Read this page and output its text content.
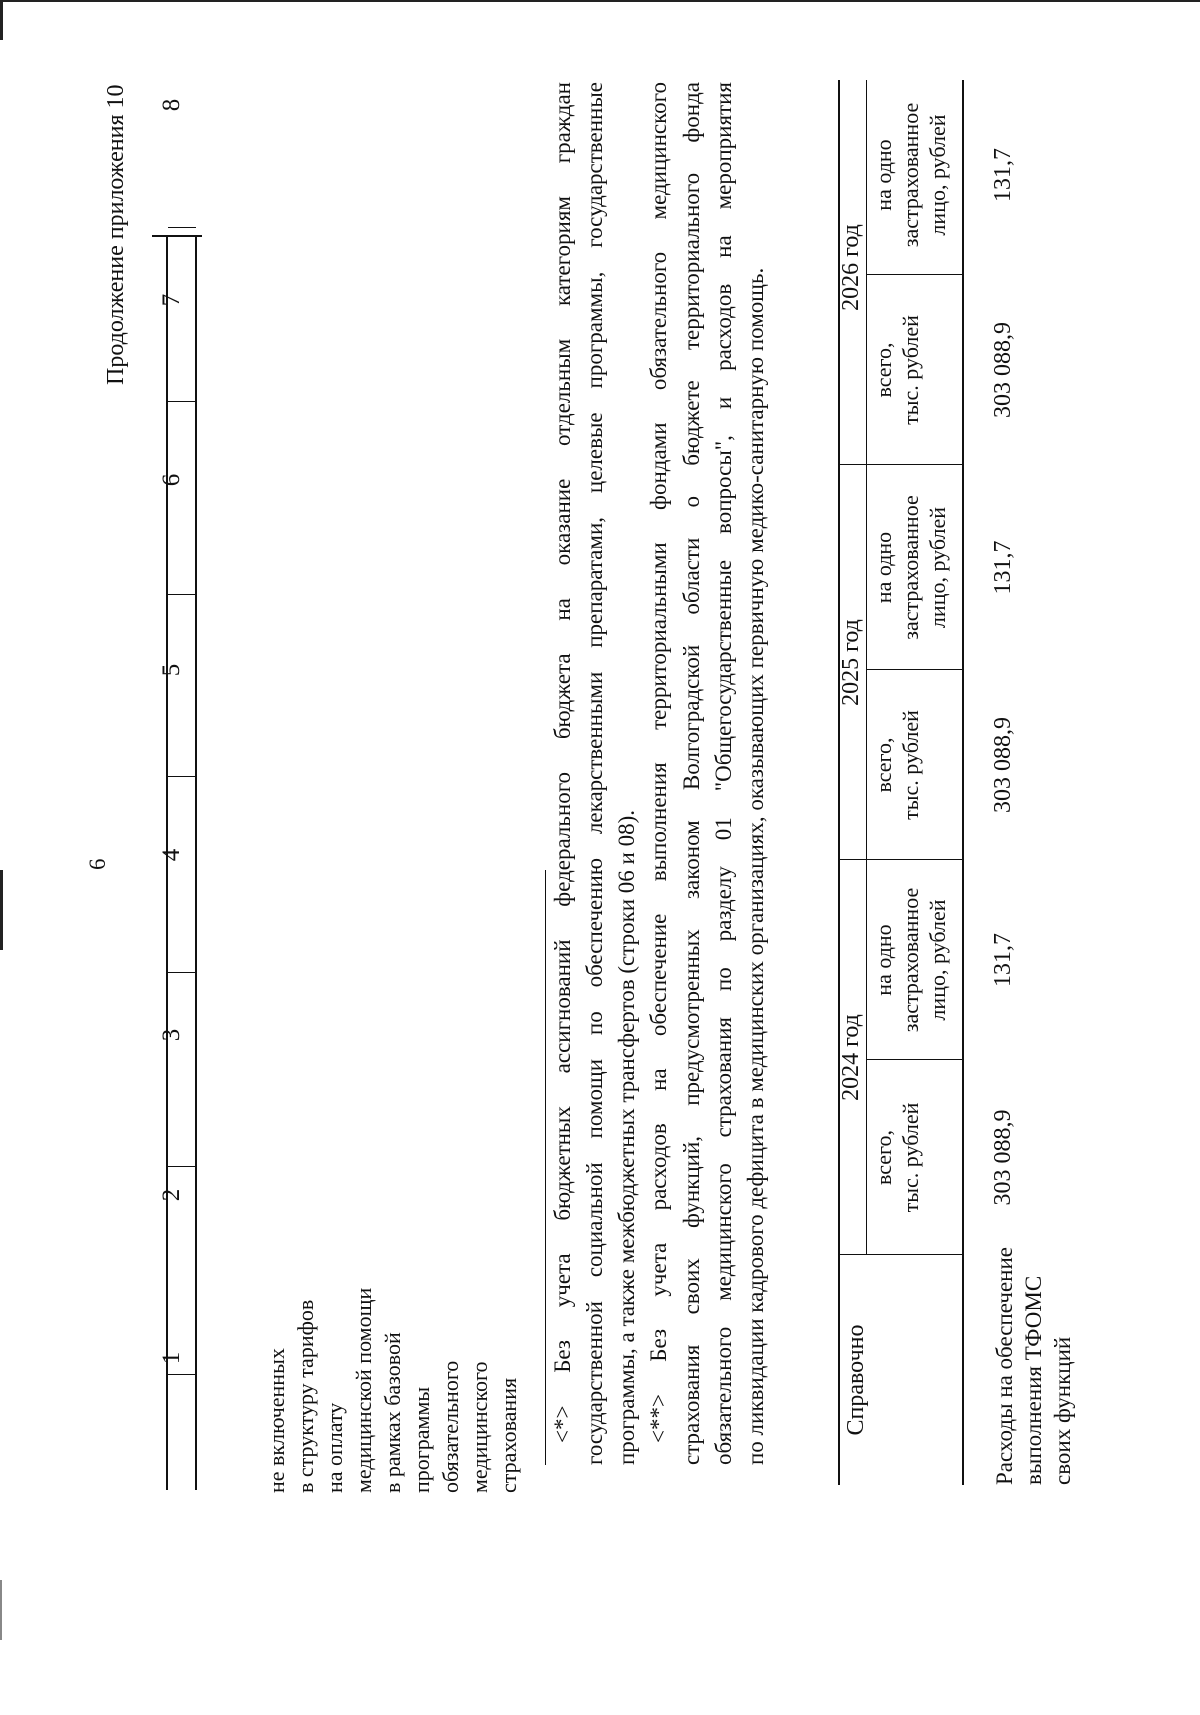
6
Продолжение приложения 10
1
2
3
4
5
6
7
8
не включенных в структуру тарифов на оплату медицинской помощи в рамках базовой программы обязательного медицинского страхования <*> Без учета бюджетных ассигнований федерального бюджета на оказание отдельным категориям граждан государственной социальной помощи по обеспечению лекарственными препаратами, целевые программы, государственные программы, а также межбюджетных трансфертов (строки 06 и 08). <**> Без учета расходов на обеспечение выполнения территориальными фондами обязательного медицинского страхования своих функций, предусмотренных законом Волгоградской области о бюджете территориального фонда обязательного медицинского страхования по разделу 01 "Общегосударственные вопросы", и расходов на мероприятия по ликвидации кадрового дефицита в медицинских организациях, оказывающих первичную медико-санитарную помощь.	Справочно
2024 год
2025 год
2026 год
всего, тыс. рублей
на одно застрахованное лицо, рублей
всего, тыс. рублей
на одно застрахованное лицо, рублей
всего, тыс. рублей
на одно застрахованное лицо, рублей
Расходы на обеспечение выполнения ТФОМС своих функций
303 088,9
131,7
303 088,9
131,7
303 088,9
131,7
